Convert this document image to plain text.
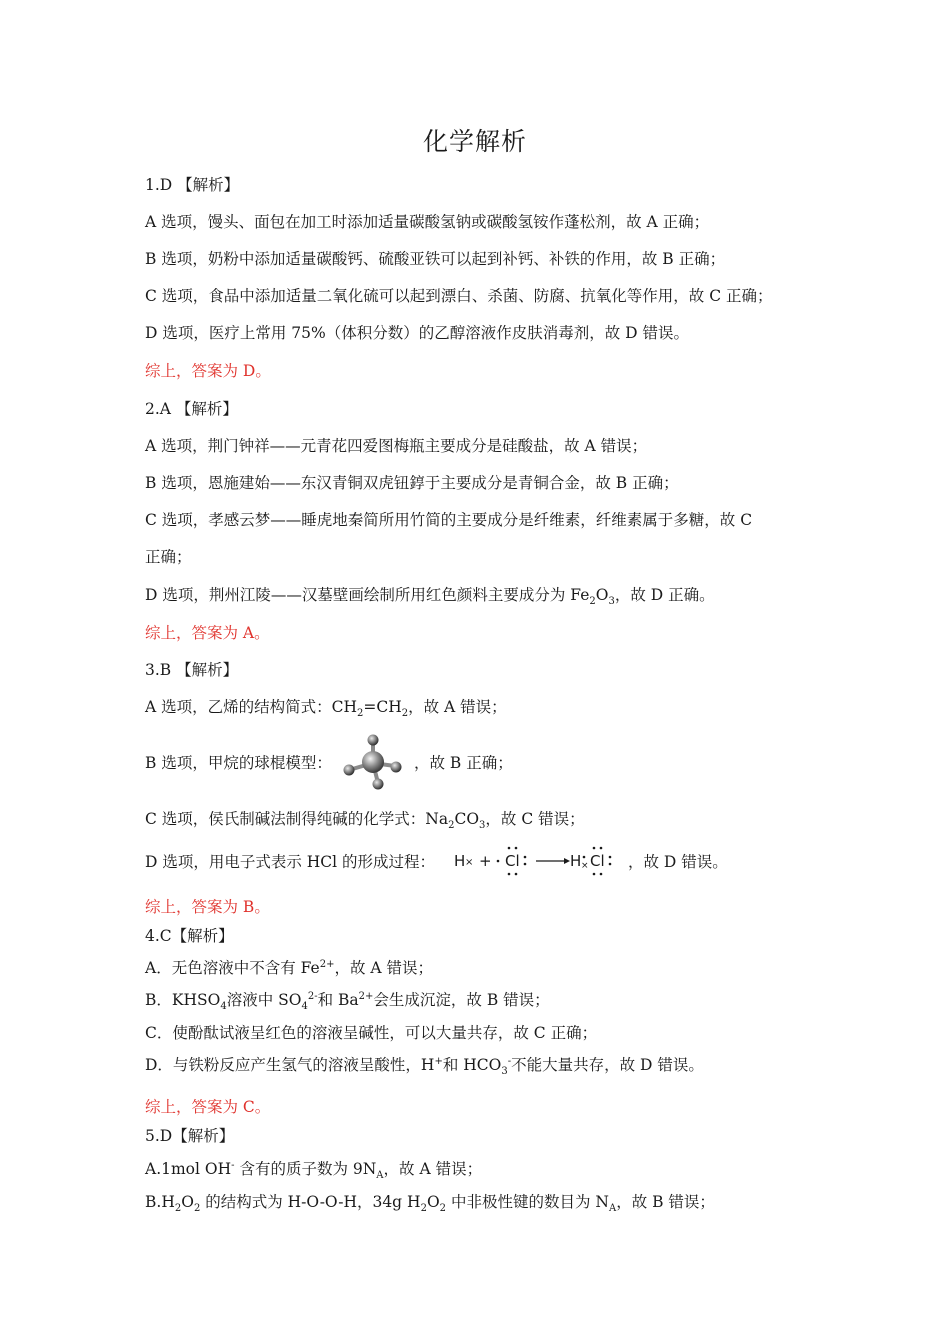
化学解析
1.D 【解析】
A 选项，馒头、面包在加工时添加适量碳酸氢钠或碳酸氢铵作蓬松剂，故 A 正确；
B 选项，奶粉中添加适量碳酸钙、硫酸亚铁可以起到补钙、补铁的作用，故 B 正确；
C 选项，食品中添加适量二氧化硫可以起到漂白、杀菌、防腐、抗氧化等作用，故 C 正确；
D 选项，医疗上常用 75%（体积分数）的乙醇溶液作皮肤消毒剂，故 D 错误。
综上，答案为 D。
2.A 【解析】
A 选项，荆门钟祥——元青花四爱图梅瓶主要成分是硅酸盐，故 A 错误；
B 选项，恩施建始——东汉青铜双虎钮錞于主要成分是青铜合金，故 B 正确；
C 选项，孝感云梦——睡虎地秦简所用竹简的主要成分是纤维素，纤维素属于多糖，故 C
正确；
D 选项，荆州江陵——汉墓壁画绘制所用红色颜料主要成分为 $Fe_2O_3$，故 D 正确。
综上，答案为 A。
3.B 【解析】
A 选项，乙烯的结构简式：$CH_2=CH_2$，故 A 错误；
B 选项，甲烷的球棍模型：	，故 B 正确；
C 选项，侯氏制碱法制得纯碱的化学式：$Na_2CO_3$，故 C 错误；
D 选项，用电子式表示 HCl 的形成过程：	H × + Cl	H × Cl ，故 D 错误。
综上，答案为 B。
4.C【解析】
A．无色溶液中不含有 $Fe^{2+}$，故 A 错误；
B．$KHSO_4$溶液中 $SO_4^{2-}$和 $Ba^{2+}$会生成沉淀，故 B 错误；
C．使酚酞试液呈红色的溶液呈碱性，可以大量共存，故 C 正确；
D．与铁粉反应产生氢气的溶液呈酸性，H+和 $HCO_3^-$不能大量共存，故 D 错误。
综上，答案为 C。
5.D【解析】
A.1mol OH- 含有的质子数为 $9N_A$，故 A 错误；
$B.H_2O_2$ 的结构式为 H-O-O-H，34g $H_2O_2$ 中非极性键的数目为 $N_A$，故 B 错误；
